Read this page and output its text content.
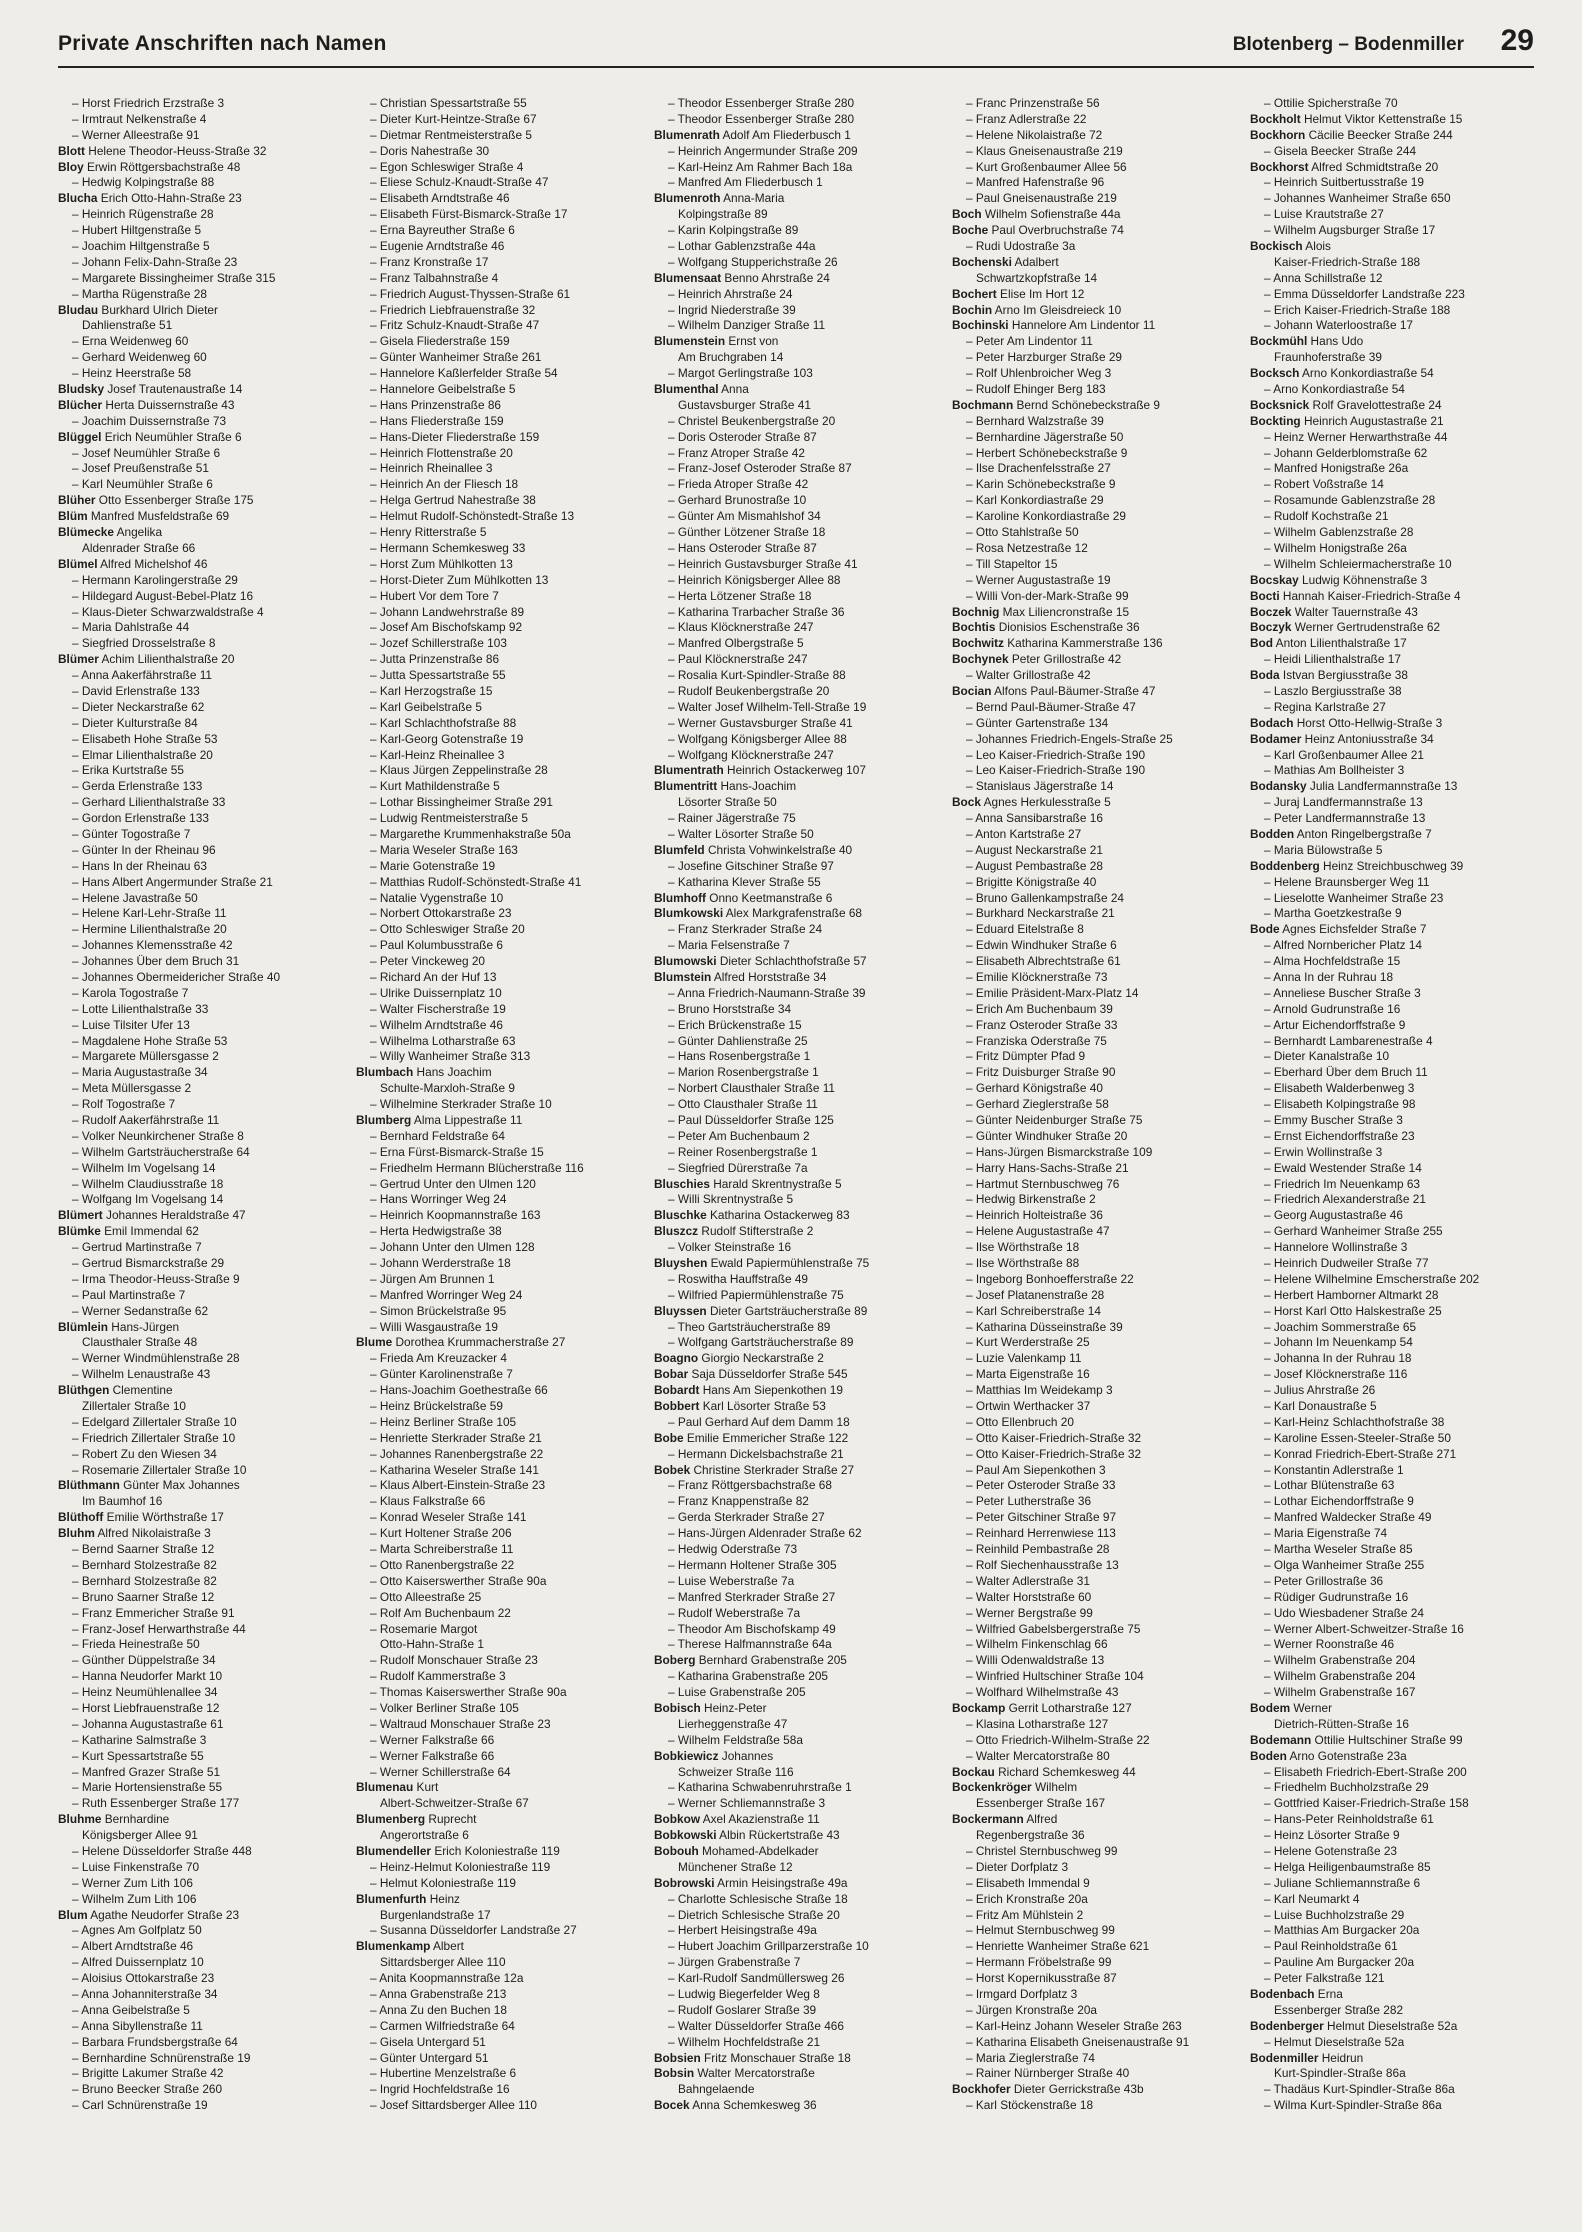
Private Anschriften nach Namen	Blotenberg – Bodenmiller 29
– Horst Friedrich Erzstraße 3
– Irmtraut Nelkenstraße 4
– Werner Alleestraße 91
Blott Helene Theodor-Heuss-Straße 32
Bloy Erwin Röttgersbachstraße 48
– Hedwig Kolpingstraße 88
Blucha Erich Otto-Hahn-Straße 23
– Heinrich Rügenstraße 28
– Hubert Hiltgenstraße 5
– Joachim Hiltgenstraße 5
– Johann Felix-Dahn-Straße 23
– Margarete Bissingheimer Straße 315
– Martha Rügenstraße 28
Bludau Burkhard Ulrich Dieter
Dahlienstraße 51
– Erna Weidenweg 60
– Gerhard Weidenweg 60
– Heinz Heerstraße 58
Bludsky Josef Trautenaustraße 14
Blücher Herta Duissernstraße 43
– Joachim Duissernstraße 73
Blüggel Erich Neumühler Straße 6
– Josef Neumühler Straße 6
– Josef Preußenstraße 51
– Karl Neumühler Straße 6
Blüher Otto Essenberger Straße 175
Blüm Manfred Musfeldstraße 69
Blümecke Angelika
Aldenrader Straße 66
Blümel Alfred Michelshof 46
– Hermann Karolingerstraße 29
– Hildegard August-Bebel-Platz 16
– Klaus-Dieter Schwarzwaldstraße 4
– Maria Dahlstraße 44
– Siegfried Drosselstraße 8
Blümer Achim Lilienthalstraße 20
– Anna Aakerfährstraße 11
– David Erlenstraße 133
– Dieter Neckarstraße 62
– Dieter Kulturstraße 84
– Elisabeth Hohe Straße 53
– Elmar Lilienthalstraße 20
– Erika Kurtstraße 55
– Gerda Erlenstraße 133
– Gerhard Lilienthalstraße 33
– Gordon Erlenstraße 133
– Günter Togostraße 7
– Günter In der Rheinau 96
– Hans In der Rheinau 63
– Hans Albert Angermunder Straße 21
– Helene Javastraße 50
– Helene Karl-Lehr-Straße 11
– Hermine Lilienthalstraße 20
– Johannes Klemensstraße 42
– Johannes Über dem Bruch 31
– Johannes Obermeidericher Straße 40
– Karola Togostraße 7
– Lotte Lilienthalstraße 33
– Luise Tilsiter Ufer 13
– Magdalene Hohe Straße 53
– Margarete Müllersgasse 2
– Maria Augustastraße 34
– Meta Müllersgasse 2
– Rolf Togostraße 7
– Rudolf Aakerfährstraße 11
– Volker Neunkirchener Straße 8
– Wilhelm Gartsträucherstraße 64
– Wilhelm Im Vogelsang 14
– Wilhelm Claudiusstraße 18
– Wolfgang Im Vogelsang 14
Blümert Johannes Heraldstraße 47
Blümke Emil Immendal 62
– Gertrud Martinstraße 7
– Gertrud Bismarckstraße 29
– Irma Theodor-Heuss-Straße 9
– Paul Martinstraße 7
– Werner Sedanstraße 62
Blümlein Hans-Jürgen
Clausthaler Straße 48
– Werner Windmühlenstraße 28
– Wilhelm Lenaustraße 43
Blüthgen Clementine
Zillertaler Straße 10
– Edelgard Zillertaler Straße 10
– Friedrich Zillertaler Straße 10
– Robert Zu den Wiesen 34
– Rosemarie Zillertaler Straße 10
Blüthmann Günter Max Johannes
Im Baumhof 16
Blüthoff Emilie Wörthstraße 17
Bluhm Alfred Nikolaistraße 3
– Bernd Saarner Straße 12
– Bernhard Stolzestraße 82
– Bernhard Stolzestraße 82
– Bruno Saarner Straße 12
– Franz Emmericher Straße 91
– Franz-Josef Herwarthstraße 44
– Frieda Heinestraße 50
– Günther Düppelstraße 34
– Hanna Neudorfer Markt 10
– Heinz Neumühlenallee 34
– Horst Liebfrauenstraße 12
– Johanna Augustastraße 61
– Katharine Salmstraße 3
– Kurt Spessartstraße 55
– Manfred Grazer Straße 51
– Marie Hortensienstraße 55
– Ruth Essenberger Straße 177
Bluhme Bernhardine
Königsberger Allee 91
– Helene Düsseldorfer Straße 448
– Luise Finkenstraße 70
– Werner Zum Lith 106
– Wilhelm Zum Lith 106
Blum Agathe Neudorfer Straße 23
– Agnes Am Golfplatz 50
– Albert Arndtstraße 46
– Alfred Duissernplatz 10
– Aloisius Ottokarstraße 23
– Anna Johanniterstraße 34
– Anna Geibelstraße 5
– Anna Sibyllenstraße 11
– Barbara Frundsbergstraße 64
– Bernhardine Schnürenstraße 19
– Brigitte Lakumer Straße 42
– Bruno Beecker Straße 260
– Carl Schnürenstraße 19
– Christian Spessartstraße 55
– Dieter Kurt-Heintze-Straße 67
– Dietmar Rentmeisterstraße 5
– Doris Nahestraße 30
– Egon Schleswiger Straße 4
– Eliese Schulz-Knaudt-Straße 47
– Elisabeth Arndtstraße 46
– Elisabeth Fürst-Bismarck-Straße 17
– Erna Bayreuther Straße 6
– Eugenie Arndtstraße 46
– Franz Kronstraße 17
– Franz Talbahnstraße 4
– Friedrich August-Thyssen-Straße 61
– Friedrich Liebfrauenstraße 32
– Fritz Schulz-Knaudt-Straße 47
– Gisela Fliederstraße 159
– Günter Wanheimer Straße 261
– Hannelore Kaßlerfelder Straße 54
– Hannelore Geibelstraße 5
– Hans Prinzenstraße 86
– Hans Fliederstraße 159
– Hans-Dieter Fliederstraße 159
– Heinrich Flottenstraße 20
– Heinrich Rheinallee 3
– Heinrich An der Fliesch 18
– Helga Gertrud Nahestraße 38
– Helmut Rudolf-Schönstedt-Straße 13
– Henry Ritterstraße 5
– Hermann Schemkesweg 33
– Horst Zum Mühlkotten 13
– Horst-Dieter Zum Mühlkotten 13
– Hubert Vor dem Tore 7
– Johann Landwehrstraße 89
– Josef Am Bischofskamp 92
– Jozef Schillerstraße 103
– Jutta Prinzenstraße 86
– Jutta Spessartstraße 55
– Karl Herzogstraße 15
– Karl Geibelstraße 5
– Karl Schlachthofstraße 88
– Karl-Georg Gotenstraße 19
– Karl-Heinz Rheinallee 3
– Klaus Jürgen Zeppelinstraße 28
– Kurt Mathildenstraße 5
– Lothar Bissingheimer Straße 291
– Ludwig Rentmeisterstraße 5
– Margarethe Krummenhakstraße 50a
– Maria Weseler Straße 163
– Marie Gotenstraße 19
– Matthias Rudolf-Schönstedt-Straße 41
– Natalie Vygenstraße 10
– Norbert Ottokarstraße 23
– Otto Schleswiger Straße 20
– Paul Kolumbusstraße 6
– Peter Vinckeweg 20
– Richard An der Huf 13
– Ulrike Duissernplatz 10
– Walter Fischerstraße 19
– Wilhelm Arndtstraße 46
– Wilhelma Lotharstraße 63
– Willy Wanheimer Straße 313
Blumbach Hans Joachim
Schulte-Marxloh-Straße 9
– Wilhelmine Sterkrader Straße 10
Blumberg Alma Lippestraße 11
– Bernhard Feldstraße 64
– Erna Fürst-Bismarck-Straße 15
– Friedhelm Hermann Blücherstraße 116
– Gertrud Unter den Ulmen 120
– Hans Worringer Weg 24
– Heinrich Koopmannstraße 163
– Herta Hedwigstraße 38
– Johann Unter den Ulmen 128
– Johann Werderstraße 18
– Jürgen Am Brunnen 1
– Manfred Worringer Weg 24
– Simon Brückelstraße 95
– Willi Wasgaustraße 19
Blume Dorothea Krummacherstraße 27
– Frieda Am Kreuzacker 4
– Günter Karolinenstraße 7
– Hans-Joachim Goethestraße 66
– Heinz Brückelstraße 59
– Heinz Berliner Straße 105
– Henriette Sterkrader Straße 21
– Johannes Ranenbergstraße 22
– Katharina Weseler Straße 141
– Klaus Albert-Einstein-Straße 23
– Klaus Falkstraße 66
– Konrad Weseler Straße 141
– Kurt Holtener Straße 206
– Marta Schreiberstraße 11
– Otto Ranenbergstraße 22
– Otto Kaiserswerther Straße 90a
– Otto Alleestraße 25
– Rolf Am Buchenbaum 22
– Rosemarie Margot
Otto-Hahn-Straße 1
– Rudolf Monschauer Straße 23
– Rudolf Kammerstraße 3
– Thomas Kaiserswerther Straße 90a
– Volker Berliner Straße 105
– Waltraud Monschauer Straße 23
– Werner Falkstraße 66
– Werner Falkstraße 66
– Werner Schillerstraße 64
Blumenau Kurt
Albert-Schweitzer-Straße 67
Blumenberg Ruprecht
Angerortstraße 6
Blumendeller Erich Koloniestraße 119
– Heinz-Helmut Koloniestraße 119
– Helmut Koloniestraße 119
Blumenfurth Heinz
Burgenlandstraße 17
– Susanna Düsseldorfer Landstraße 27
Blumenkamp Albert
Sittardsberger Allee 110
– Anita Koopmannstraße 12a
– Anna Grabenstraße 213
– Anna Zu den Buchen 18
– Carmen Wilfriedstraße 64
– Gisela Untergard 51
– Günter Untergard 51
– Hubertine Menzelstraße 6
– Ingrid Hochfeldstraße 16
– Josef Sittardsberger Allee 110
– Theodor Essenberger Straße 280
– Theodor Essenberger Straße 280
Blumenrath Adolf Am Fliederbusch 1
– Heinrich Angermunder Straße 209
– Karl-Heinz Am Rahmer Bach 18a
– Manfred Am Fliederbusch 1
Blumenroth Anna-Maria
Kolpingstraße 89
– Karin Kolpingstraße 89
– Lothar Gablenzstraße 44a
– Wolfgang Stupperichstraße 26
Blumensaat Benno Ahrstraße 24
– Heinrich Ahrstraße 24
– Ingrid Niederstraße 39
– Wilhelm Danziger Straße 11
Blumenstein Ernst von
Am Bruchgraben 14
– Margot Gerlingstraße 103
Blumenthal Anna
Gustavsburger Straße 41
– Christel Beukenbergstraße 20
– Doris Osteroder Straße 87
– Franz Atroper Straße 42
– Franz-Josef Osteroder Straße 87
– Frieda Atroper Straße 42
– Gerhard Brunostraße 10
– Günter Am Mismahlshof 34
– Günther Lötzener Straße 18
– Hans Osteroder Straße 87
– Heinrich Gustavsburger Straße 41
– Heinrich Königsberger Allee 88
– Herta Lötzener Straße 18
– Katharina Trarbacher Straße 36
– Klaus Klöcknerstraße 247
– Manfred Olbergstraße 5
– Paul Klöcknerstraße 247
– Rosalia Kurt-Spindler-Straße 88
– Rudolf Beukenbergstraße 20
– Walter Josef Wilhelm-Tell-Straße 19
– Werner Gustavsburger Straße 41
– Wolfgang Königsberger Allee 88
– Wolfgang Klöcknerstraße 247
Blumentrath Heinrich Ostackerweg 107
Blumentritt Hans-Joachim
Lösorter Straße 50
– Rainer Jägerstraße 75
– Walter Lösorter Straße 50
Blumfeld Christa Vohwinkelstraße 40
– Josefine Gitschiner Straße 97
– Katharina Klever Straße 55
Blumhoff Onno Keetmanstraße 6
Blumkowski Alex Markgrafenstraße 68
– Franz Sterkrader Straße 24
– Maria Felsenstraße 7
Blumowski Dieter Schlachthofstraße 57
Blumstein Alfred Horststraße 34
– Anna Friedrich-Naumann-Straße 39
– Bruno Horststraße 34
– Erich Brückenstraße 15
– Günter Dahlienstraße 25
– Hans Rosenbergstraße 1
– Marion Rosenbergstraße 1
– Norbert Clausthaler Straße 11
– Otto Clausthaler Straße 11
– Paul Düsseldorfer Straße 125
– Peter Am Buchenbaum 2
– Reiner Rosenbergstraße 1
– Siegfried Dürerstraße 7a
Bluschies Harald Skrentnystraße 5
– Willi Skrentnystraße 5
Bluschke Katharina Ostackerweg 83
Bluszcz Rudolf Stifterstraße 2
– Volker Steinstraße 16
Bluyshen Ewald Papiermühlenstraße 75
– Roswitha Hauffstraße 49
– Wilfried Papiermühlenstraße 75
Bluyssen Dieter Gartsträucherstraße 89
– Theo Gartsträucherstraße 89
– Wolfgang Gartsträucherstraße 89
Boagno Giorgio Neckarstraße 2
Bobar Saja Düsseldorfer Straße 545
Bobardt Hans Am Siepenkothen 19
Bobbert Karl Lösorter Straße 53
– Paul Gerhard Auf dem Damm 18
Bobe Emilie Emmericher Straße 122
– Hermann Dickelsbachstraße 21
Bobek Christine Sterkrader Straße 27
– Franz Röttgersbachstraße 68
– Franz Knappenstraße 82
– Gerda Sterkrader Straße 27
– Hans-Jürgen Aldenrader Straße 62
– Hedwig Oderstraße 73
– Hermann Holtener Straße 305
– Luise Weberstraße 7a
– Manfred Sterkrader Straße 27
– Rudolf Weberstraße 7a
– Theodor Am Bischofskamp 49
– Therese Halfmannstraße 64a
Boberg Bernhard Grabenstraße 205
– Katharina Grabenstraße 205
– Luise Grabenstraße 205
Bobisch Heinz-Peter
Lierheggenstraße 47
– Wilhelm Feldstraße 58a
Bobkiewicz Johannes
Schweizer Straße 116
– Katharina Schwabenruhrstraße 1
– Werner Schliemannstraße 3
Bobkow Axel Akazienstraße 11
Bobkowski Albin Rückertstraße 43
Bobouh Mohamed-Abdelkader
Münchener Straße 12
Bobrowski Armin Heisingstraße 49a
– Charlotte Schlesische Straße 18
– Dietrich Schlesische Straße 20
– Herbert Heisingstraße 49a
– Hubert Joachim Grillparzerstraße 10
– Jürgen Grabenstraße 7
– Karl-Rudolf Sandmüllersweg 26
– Ludwig Biegerfelder Weg 8
– Rudolf Goslarer Straße 39
– Walter Düsseldorfer Straße 466
– Wilhelm Hochfeldstraße 21
Bobsien Fritz Monschauer Straße 18
Bobsin Walter Mercatorstraße
Bahngelaende
Bocek Anna Schemkesweg 36
– Franc Prinzenstraße 56
– Franz Adlerstraße 22
– Helene Nikolaistraße 72
– Klaus Gneisenaustraße 219
– Kurt Großenbaumer Allee 56
– Manfred Hafenstraße 96
– Paul Gneisenaustraße 219
Boch Wilhelm Sofienstraße 44a
Boche Paul Overbruchstraße 74
– Rudi Udostraße 3a
Bochenski Adalbert
Schwartzkopfstraße 14
Bochert Elise Im Hort 12
Bochin Arno Im Gleisdreieck 10
Bochinski Hannelore Am Lindentor 11
– Peter Am Lindentor 11
– Peter Harzburger Straße 29
– Rolf Uhlenbroicher Weg 3
– Rudolf Ehinger Berg 183
Bochmann Bernd Schönebeckstraße 9
– Bernhard Walzstraße 39
– Bernhardine Jägerstraße 50
– Herbert Schönebeckstraße 9
– Ilse Drachenfelsstraße 27
– Karin Schönebeckstraße 9
– Karl Konkordiastraße 29
– Karoline Konkordiastraße 29
– Otto Stahlstraße 50
– Rosa Netzestraße 12
– Till Stapeltor 15
– Werner Augustastraße 19
– Willi Von-der-Mark-Straße 99
Bochnig Max Liliencronstraße 15
Bochtis Dionisios Eschenstraße 36
Bochwitz Katharina Kammerstraße 136
Bochynek Peter Grillostraße 42
– Walter Grillostraße 42
Bocian Alfons Paul-Bäumer-Straße 47
– Bernd Paul-Bäumer-Straße 47
– Günter Gartenstraße 134
– Johannes Friedrich-Engels-Straße 25
– Leo Kaiser-Friedrich-Straße 190
– Leo Kaiser-Friedrich-Straße 190
– Stanislaus Jägerstraße 14
Bock Agnes Herkulesstraße 5
– Anna Sansibarstraße 16
– Anton Kartstraße 27
– August Neckarstraße 21
– August Pembastraße 28
– Brigitte Königstraße 40
– Bruno Gallenkampstraße 24
– Burkhard Neckarstraße 21
– Eduard Eitelstraße 8
– Edwin Windhuker Straße 6
– Elisabeth Albrechtstraße 61
– Emilie Klöcknerstraße 73
– Emilie Präsident-Marx-Platz 14
– Erich Am Buchenbaum 39
– Franz Osteroder Straße 33
– Franziska Oderstraße 75
– Fritz Dümpter Pfad 9
– Fritz Duisburger Straße 90
– Gerhard Königstraße 40
– Gerhard Zieglerstraße 58
– Günter Neidenburger Straße 75
– Günter Windhuker Straße 20
– Hans-Jürgen Bismarckstraße 109
– Harry Hans-Sachs-Straße 21
– Hartmut Sternbuschweg 76
– Hedwig Birkenstraße 2
– Heinrich Holteistraße 36
– Helene Augustastraße 47
– Ilse Wörthstraße 18
– Ilse Wörthstraße 88
– Ingeborg Bonhoefferstraße 22
– Josef Platanenstraße 28
– Karl Schreiberstraße 14
– Katharina Düsseinstraße 39
– Kurt Werderstraße 25
– Luzie Valenkamp 11
– Marta Eigenstraße 16
– Matthias Im Weidekamp 3
– Ortwin Werthacker 37
– Otto Ellenbruch 20
– Otto Kaiser-Friedrich-Straße 32
– Otto Kaiser-Friedrich-Straße 32
– Paul Am Siepenkothen 3
– Peter Osteroder Straße 33
– Peter Lutherstraße 36
– Peter Gitschiner Straße 97
– Reinhard Herrenwiese 113
– Reinhild Pembastraße 28
– Rolf Siechenhausstraße 13
– Walter Adlerstraße 31
– Walter Horststraße 60
– Werner Bergstraße 99
– Wilfried Gabelsbergerstraße 75
– Wilhelm Finkenschlag 66
– Willi Odenwaldstraße 13
– Winfried Hultschiner Straße 104
– Wolfhard Wilhelmstraße 43
Bockamp Gerrit Lotharstraße 127
– Klasina Lotharstraße 127
– Otto Friedrich-Wilhelm-Straße 22
– Walter Mercatorstraße 80
Bockau Richard Schemkesweg 44
Bockenkröger Wilhelm
Essenberger Straße 167
Bockermann Alfred
Regenbergstraße 36
– Christel Sternbuschweg 99
– Dieter Dorfplatz 3
– Elisabeth Immendal 9
– Erich Kronstraße 20a
– Fritz Am Mühlstein 2
– Helmut Sternbuschweg 99
– Henriette Wanheimer Straße 621
– Hermann Fröbelstraße 99
– Horst Kopernikusstraße 87
– Irmgard Dorfplatz 3
– Jürgen Kronstraße 20a
– Karl-Heinz Johann Weseler Straße 263
– Katharina Elisabeth Gneisenaustraße 91
– Maria Zieglerstraße 74
– Rainer Nürnberger Straße 40
Bockhofer Dieter Gerrickstraße 43b
– Karl Stöckenstraße 18
– Ottilie Spicherstraße 70
Bockholt Helmut Viktor Kettenstraße 15
Bockhorn Cäcilie Beecker Straße 244
– Gisela Beecker Straße 244
Bockhorst Alfred Schmidtstraße 20
– Heinrich Suitbertusstraße 19
– Johannes Wanheimer Straße 650
– Luise Krautstraße 27
– Wilhelm Augsburger Straße 17
Bockisch Alois
Kaiser-Friedrich-Straße 188
– Anna Schillstraße 12
– Emma Düsseldorfer Landstraße 223
– Erich Kaiser-Friedrich-Straße 188
– Johann Waterloostraße 17
Bockmühl Hans Udo
Fraunhoferstraße 39
Bocksch Arno Konkordiastraße 54
– Arno Konkordiastraße 54
Bocksnick Rolf Gravelottestraße 24
Bockting Heinrich Augustastraße 21
– Heinz Werner Herwarthstraße 44
– Johann Gelderblomstraße 62
– Manfred Honigstraße 26a
– Robert Voßstraße 14
– Rosamunde Gablenzstraße 28
– Rudolf Kochstraße 21
– Wilhelm Gablenzstraße 28
– Wilhelm Honigstraße 26a
– Wilhelm Schleiermacherstraße 10
Bocskay Ludwig Köhnenstraße 3
Bocti Hannah Kaiser-Friedrich-Straße 4
Boczek Walter Tauernstraße 43
Boczyk Werner Gertrudenstraße 62
Bod Anton Lilienthalstraße 17
– Heidi Lilienthalstraße 17
Boda Istvan Bergiusstraße 38
– Laszlo Bergiusstraße 38
– Regina Karlstraße 27
Bodach Horst Otto-Hellwig-Straße 3
Bodamer Heinz Antoniusstraße 34
– Karl Großenbaumer Allee 21
– Mathias Am Bollheister 3
Bodansky Julia Landfermannstraße 13
– Juraj Landfermannstraße 13
– Peter Landfermannstraße 13
Bodden Anton Ringelbergstraße 7
– Maria Bülowstraße 5
Boddenberg Heinz Streichbuschweg 39
– Helene Braunsberger Weg 11
– Lieselotte Wanheimer Straße 23
– Martha Goetzkestraße 9
Bode Agnes Eichsfelder Straße 7
– Alfred Nornbericher Platz 14
– Alma Hochfeldstraße 15
– Anna In der Ruhrau 18
– Anneliese Buscher Straße 3
– Arnold Gudrunstraße 16
– Artur Eichendorffstraße 9
– Bernhardt Lambarenestraße 4
– Dieter Kanalstraße 10
– Eberhard Über dem Bruch 11
– Elisabeth Walderbenweg 3
– Elisabeth Kolpingstraße 98
– Emmy Buscher Straße 3
– Ernst Eichendorffstraße 23
– Erwin Wollinstraße 3
– Ewald Westender Straße 14
– Friedrich Im Neuenkamp 63
– Friedrich Alexanderstraße 21
– Georg Augustastraße 46
– Gerhard Wanheimer Straße 255
– Hannelore Wollinstraße 3
– Heinrich Dudweiler Straße 77
– Helene Wilhelmine Emscherstraße 202
– Herbert Hamborner Altmarkt 28
– Horst Karl Otto Halskestraße 25
– Joachim Sommerstraße 65
– Johann Im Neuenkamp 54
– Johanna In der Ruhrau 18
– Josef Klöcknerstraße 116
– Julius Ahrstraße 26
– Karl Donaustraße 5
– Karl-Heinz Schlachthofstraße 38
– Karoline Essen-Steeler-Straße 50
– Konrad Friedrich-Ebert-Straße 271
– Konstantin Adlerstraße 1
– Lothar Blütenstraße 63
– Lothar Eichendorffstraße 9
– Manfred Waldecker Straße 49
– Maria Eigenstraße 74
– Martha Weseler Straße 85
– Olga Wanheimer Straße 255
– Peter Grillostraße 36
– Rüdiger Gudrunstraße 16
– Udo Wiesbadener Straße 24
– Werner Albert-Schweitzer-Straße 16
– Werner Roonstraße 46
– Wilhelm Grabenstraße 204
– Wilhelm Grabenstraße 204
– Wilhelm Grabenstraße 167
Bodem Werner
Dietrich-Rütten-Straße 16
Bodemann Ottilie Hultschiner Straße 99
Boden Arno Gotenstraße 23a
– Elisabeth Friedrich-Ebert-Straße 200
– Friedhelm Buchholzstraße 29
– Gottfried Kaiser-Friedrich-Straße 158
– Hans-Peter Reinholdstraße 61
– Heinz Lösorter Straße 9
– Helene Gotenstraße 23
– Helga Heiligenbaumstraße 85
– Juliane Schliemannstraße 6
– Karl Neumarkt 4
– Luise Buchholzstraße 29
– Matthias Am Burgacker 20a
– Paul Reinholdstraße 61
– Pauline Am Burgacker 20a
– Peter Falkstraße 121
Bodenbach Erna
Essenberger Straße 282
Bodenberger Helmut Dieselstraße 52a
– Helmut Dieselstraße 52a
Bodenmiller Heidrun
Kurt-Spindler-Straße 86a
– Thadäus Kurt-Spindler-Straße 86a
– Wilma Kurt-Spindler-Straße 86a
